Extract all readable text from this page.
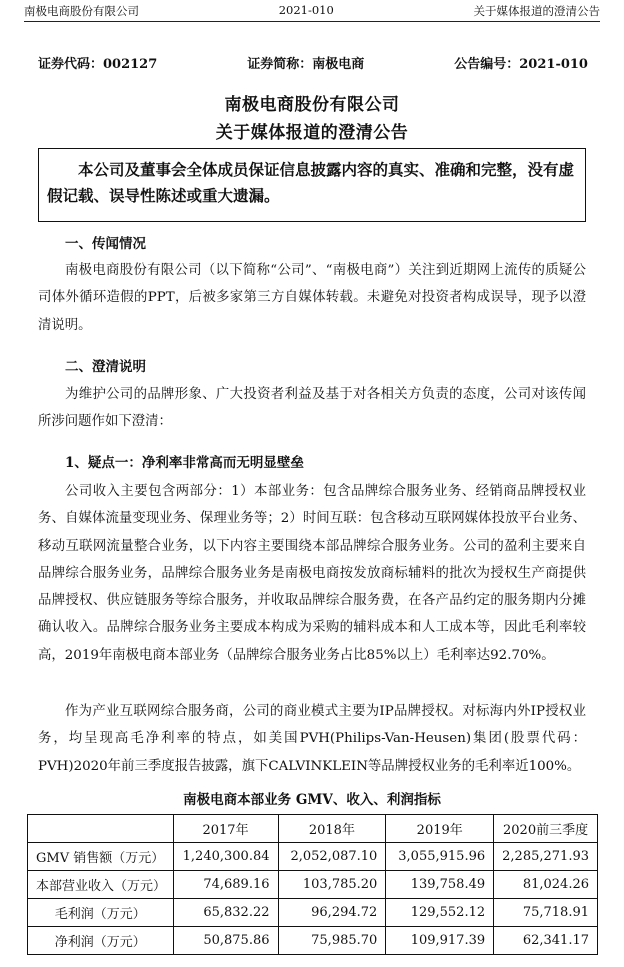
南极电商股份有限公司	2021-010	关于媒体报道的澄清公告
证券代码：002127	证券简称：南极电商	公告编号：2021-010
南极电商股份有限公司
关于媒体报道的澄清公告
本公司及董事会全体成员保证信息披露内容的真实、准确和完整，没有虚假记载、误导性陈述或重大遗漏。
一、传闻情况
南极电商股份有限公司（以下简称“公司”、“南极电商”）关注到近期网上流传的质疑公司体外循环造假的PPT，后被多家第三方自媒体转载。未避免对投资者构成误导，现予以澄清说明。
二、澄清说明
为维护公司的品牌形象、广大投资者利益及基于对各相关方负责的态度，公司对该传闻所涉问题作如下澄清：
1、疑点一：净利率非常高而无明显壁垒
公司收入主要包含两部分：1）本部业务：包含品牌综合服务业务、经销商品牌授权业务、自媒体流量变现业务、保理业务等；2）时间互联：包含移动互联网媒体投放平台业务、移动互联网流量整合业务，以下内容主要围绕本部品牌综合服务业务。公司的盈利主要来自品牌综合服务业务，品牌综合服务业务是南极电商按发放商标辅料的批次为授权生产商提供品牌授权、供应链服务等综合服务，并收取品牌综合服务费，在各产品约定的服务期内分摊确认收入。品牌综合服务业务主要成本构成为采购的辅料成本和人工成本等，因此毛利率较高，2019年南极电商本部业务（品牌综合服务业务占比85%以上）毛利率达92.70%。
作为产业互联网综合服务商，公司的商业模式主要为IP品牌授权。对标海内外IP授权业务，均呈现高毛净利率的特点，如美国PVH(Philips-Van-Heusen)集团(股票代码：PVH)2020年前三季度报告披露，旗下CALVINKLEIN等品牌授权业务的毛利率近100%。
南极电商本部业务 GMV、收入、利润指标
	2017年	2018年	2019年	2020前三季度
GMV 销售额（万元）	1,240,300.84	2,052,087.10	3,055,915.96	2,285,271.93
本部营业收入（万元）	74,689.16	103,785.20	139,758.49	81,024.26
毛利润（万元）	65,832.22	96,294.72	129,552.12	75,718.91
净利润（万元）	50,875.86	75,985.70	109,917.39	62,341.17
